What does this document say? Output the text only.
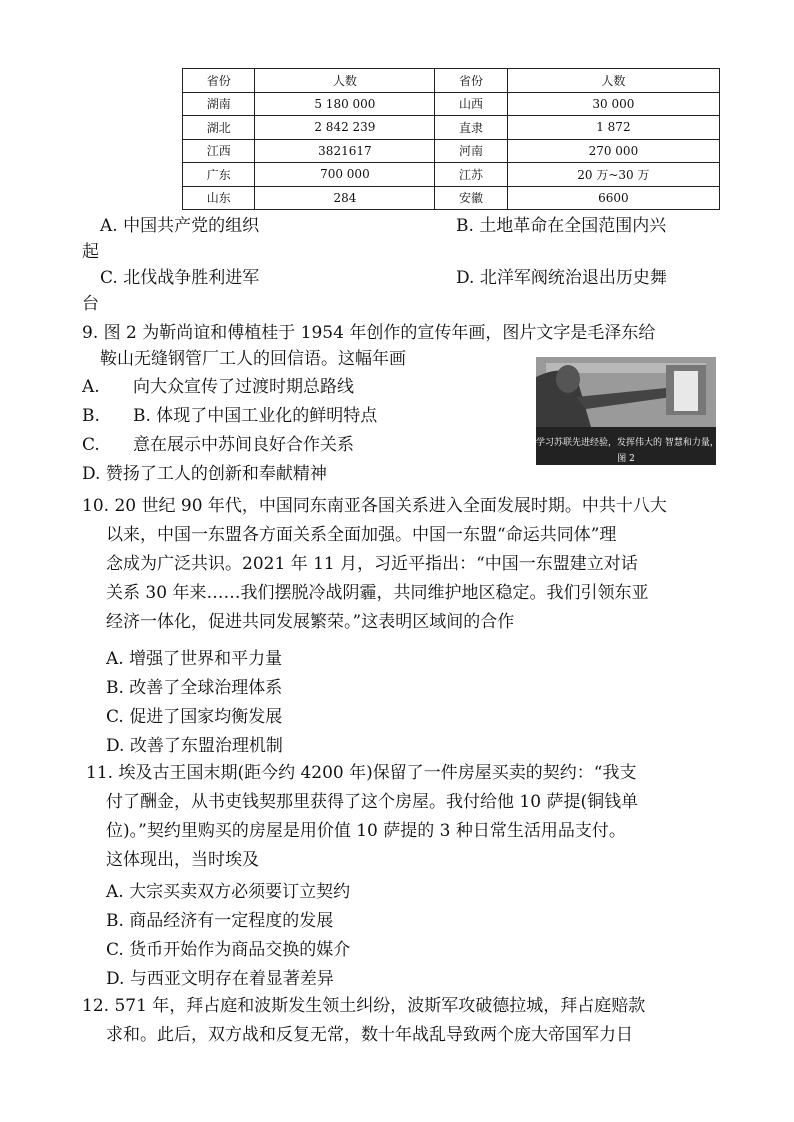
省份	人数	省份	人数
湖南	5 180 000	山西	30 000
湖北	2 842 239	直隶	1 872
江西	3821617	河南	270 000
广东	700 000	江苏	20 万~30 万
山东	284	安徽	6600
A. 中国共产党的组织	B. 土地革命在全国范围内兴
起
C. 北伐战争胜利进军	D. 北洋军阀统治退出历史舞
台
9. 图 2 为靳尚谊和傅植桂于 1954 年创作的宣传年画，图片文字是毛泽东给
鞍山无缝钢管厂工人的回信语。这幅年画
A. 向大众宣传了过渡时期总路线
B. B. 体现了中国工业化的鲜明特点
C. 意在展示中苏间良好合作关系
D. 赞扬了工人的创新和奉献精神
学习苏联先进经验，发挥伟大的 智慧和力量，争取更大的成就。
图 2
10. 20 世纪 90 年代，中国同东南亚各国关系进入全面发展时期。中共十八大
以来，中国一东盟各方面关系全面加强。中国一东盟“命运共同体”理
念成为广泛共识。2021 年 11 月，习近平指出：“中国一东盟建立对话
关系 30 年来……我们摆脱冷战阴霾，共同维护地区稳定。我们引领东亚
经济一体化，促进共同发展繁荣。”这表明区域间的合作
A. 增强了世界和平力量
B. 改善了全球治理体系
C. 促进了国家均衡发展
D. 改善了东盟治理机制
11. 埃及古王国末期(距今约 4200 年)保留了一件房屋买卖的契约：“我支
付了酬金，从书吏钱契那里获得了这个房屋。我付给他 10 萨提(铜钱单
位)。”契约里购买的房屋是用价值 10 萨提的 3 种日常生活用品支付。
这体现出，当时埃及
A. 大宗买卖双方必须要订立契约
B. 商品经济有一定程度的发展
C. 货币开始作为商品交换的媒介
D. 与西亚文明存在着显著差异
12. 571 年，拜占庭和波斯发生领土纠纷，波斯军攻破德拉城，拜占庭赔款
求和。此后，双方战和反复无常，数十年战乱导致两个庞大帝国军力日
